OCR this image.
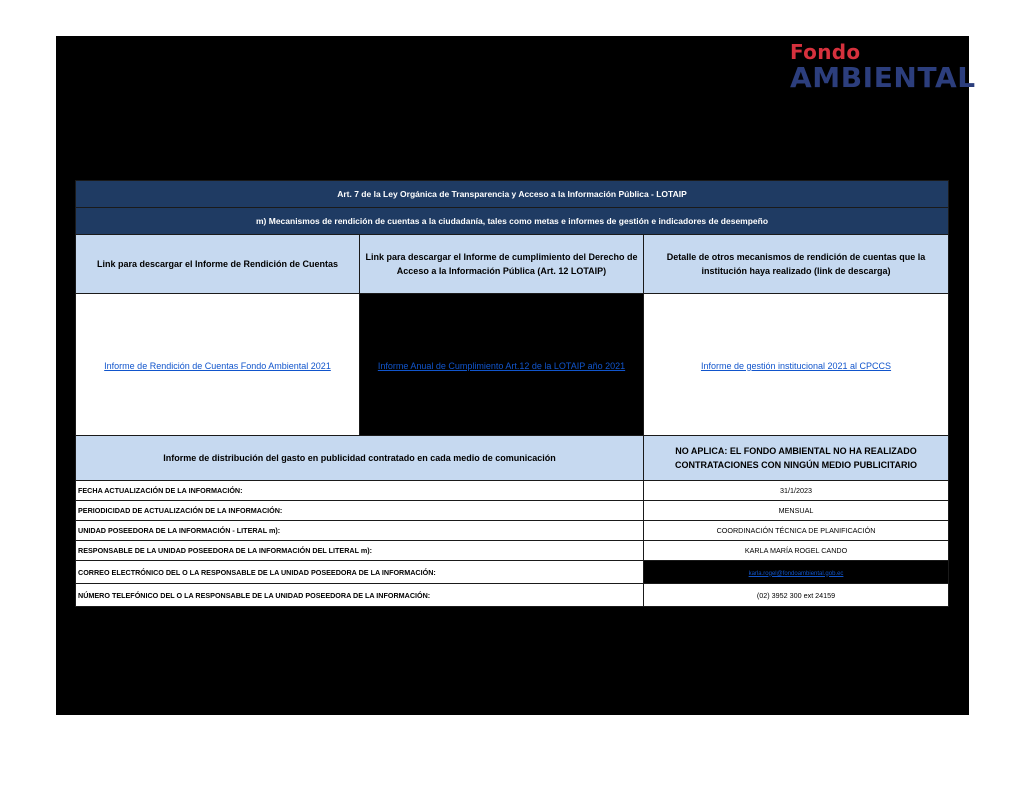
Fondo
AMBIENTAL
Art. 7 de la Ley Orgánica de Transparencia y Acceso a la Información Pública - LOTAIP		
m) Mecanismos de rendición de cuentas a la ciudadanía, tales como metas e informes de gestión e indicadores de desempeño		
Link para descargar el Informe de Rendición de Cuentas	Link para descargar el Informe de cumplimiento del Derecho de Acceso a la Información Pública (Art. 12 LOTAIP)	Detalle de otros mecanismos de rendición de cuentas que la institución haya realizado (link de descarga)
Informe de Rendición de Cuentas Fondo Ambiental 2021	Informe Anual de Cumplimiento Art.12 de la LOTAIP año 2021	Informe de gestión institucional 2021 al CPCCS
Informe de distribución del gasto en publicidad contratado en cada medio de comunicación		NO APLICA: EL FONDO AMBIENTAL NO HA REALIZADO CONTRATACIONES CON NINGÚN MEDIO PUBLICITARIO
FECHA ACTUALIZACIÓN DE LA INFORMACIÓN:		31/1/2023
PERIODICIDAD DE ACTUALIZACIÓN DE LA INFORMACIÓN:		MENSUAL
UNIDAD POSEEDORA DE LA INFORMACIÓN - LITERAL m):		COORDINACIÓN TÉCNICA DE PLANIFICACIÓN
RESPONSABLE DE LA UNIDAD POSEEDORA DE LA INFORMACIÓN DEL LITERAL m):		KARLA MARÍA ROGEL CANDO
CORREO ELECTRÓNICO DEL O LA RESPONSABLE DE LA UNIDAD POSEEDORA DE LA INFORMACIÓN:		karla.rogel@fondoambiental.gob.ec
NÚMERO TELEFÓNICO DEL O LA RESPONSABLE DE LA UNIDAD POSEEDORA DE LA INFORMACIÓN:		(02) 3952 300 ext 24159
